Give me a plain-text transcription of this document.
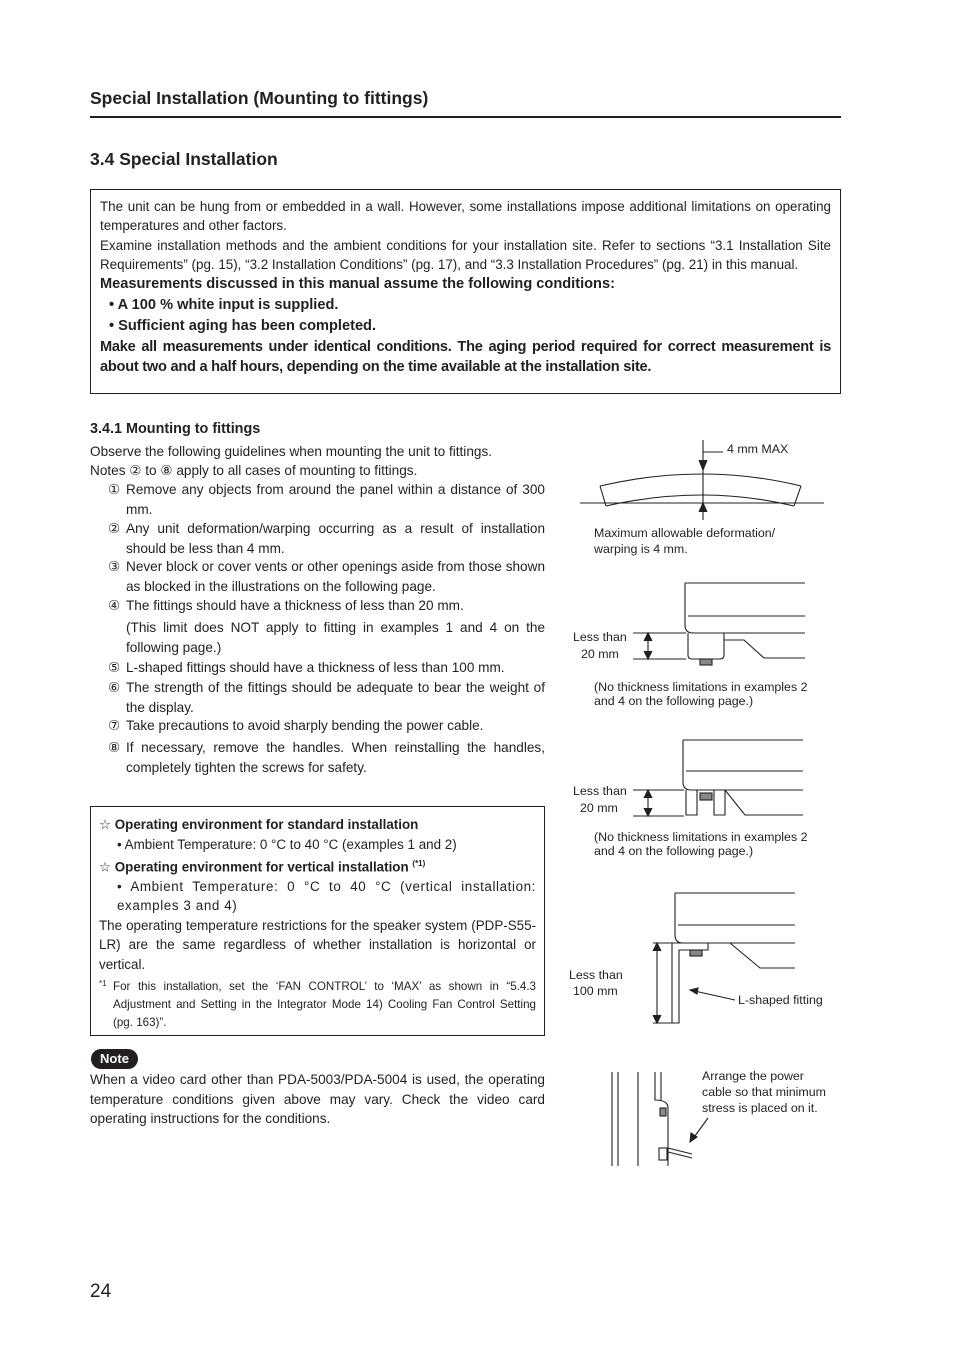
Special Installation (Mounting to fittings)
3.4 Special Installation

The unit can be hung from or embedded in a wall. However, some installations impose additional limitations on operating temperatures and other factors.

Examine installation methods and the ambient conditions for your installation site. Refer to sections “3.1 Installation Site Requirements” (pg. 15), “3.2 Installation Conditions” (pg. 17), and “3.3 Installation Procedures” (pg. 21) in this manual.

Measurements discussed in this manual assume the following conditions:

• A 100 % white input is supplied.

• Sufficient aging has been completed.

Make all measurements under identical conditions. The aging period required for correct measurement is about two and a half hours, depending on the time available at the installation site.

3.4.1 Mounting to fittings
Observe the following guidelines when mounting the unit to fittings.
Notes ② to ⑧ apply to all cases of mounting to fittings.
① Remove any objects from around the panel within a distance of 300 mm.
② Any unit deformation/warping occurring as a result of installation should be less than 4 mm.
③ Never block or cover vents or other openings aside from those shown as blocked in the illustrations on the following page.
④ The fittings should have a thickness of less than 20 mm.
(This limit does NOT apply to fitting in examples 1 and 4 on the following page.)
⑤ L-shaped fittings should have a thickness of less than 100 mm.
⑥ The strength of the fittings should be adequate to bear the weight of the display.
⑦ Take precautions to avoid sharply bending the power cable.
⑧ If necessary, remove the handles. When reinstalling the handles, completely tighten the screws for safety.
☆ Operating environment for standard installation
• Ambient Temperature: 0 °C to 40 °C (examples 1 and 2)
☆ Operating environment for vertical installation $^{(*1)}$
• Ambient Temperature: 0 °C to 40 °C (vertical installation: examples 3 and 4)
The operating temperature restrictions for the speaker system (PDP-S55-LR) are the same regardless of whether installation is horizontal or vertical.
*1 For this installation, set the ‘FAN CONTROL’ to ‘MAX’ as shown in “5.4.3 Adjustment and Setting in the Integrator Mode 14) Cooling Fan Control Setting (pg. 163)”.
Note
When a video card other than PDA-5003/PDA-5004 is used, the operating temperature conditions given above may vary. Check the video card operating instructions for the conditions.
24
4 mm MAX
Maximum allowable deformation/
warping is 4 mm.
Less than
20 mm
(No thickness limitations in examples 2
and 4 on the following page.)
Less than
20 mm
(No thickness limitations in examples 2
and 4 on the following page.)
Less than
100 mm
L-shaped fitting
Arrange the power
cable so that minimum
stress is placed on it.
